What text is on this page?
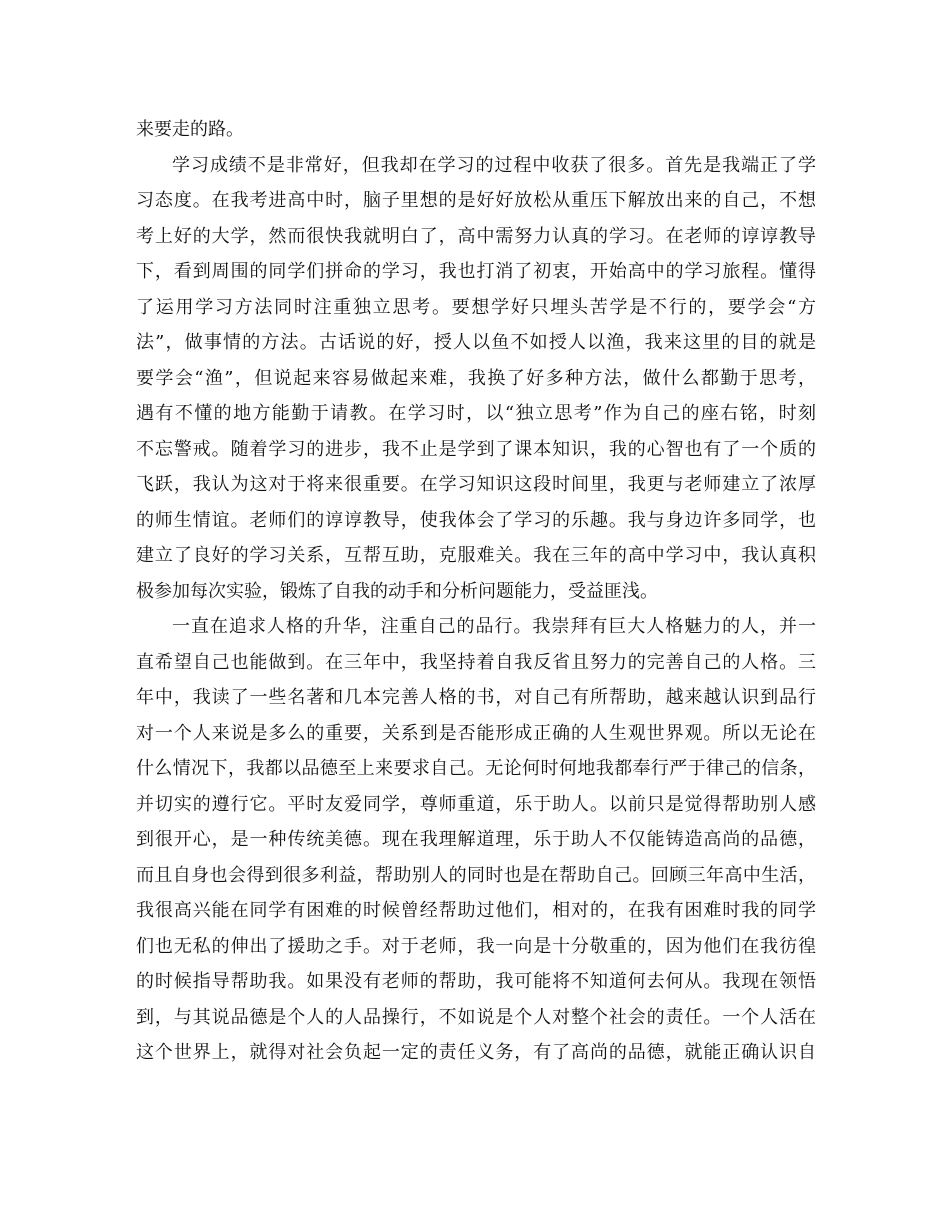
来要走的路。
学习成绩不是非常好，但我却在学习的过程中收获了很多。首先是我端正了学
习态度。在我考进高中时，脑子里想的是好好放松从重压下解放出来的自己，不想
考上好的大学，然而很快我就明白了，高中需努力认真的学习。在老师的谆谆教导
下，看到周围的同学们拼命的学习，我也打消了初衷，开始高中的学习旅程。懂得
了运用学习方法同时注重独立思考。要想学好只埋头苦学是不行的，要学会“方
法”，做事情的方法。古话说的好，授人以鱼不如授人以渔，我来这里的目的就是
要学会“渔”，但说起来容易做起来难，我换了好多种方法，做什么都勤于思考，
遇有不懂的地方能勤于请教。在学习时，以“独立思考”作为自己的座右铭，时刻
不忘警戒。随着学习的进步，我不止是学到了课本知识，我的心智也有了一个质的
飞跃，我认为这对于将来很重要。在学习知识这段时间里，我更与老师建立了浓厚
的师生情谊。老师们的谆谆教导，使我体会了学习的乐趣。我与身边许多同学，也
建立了良好的学习关系，互帮互助，克服难关。我在三年的高中学习中，我认真积
极参加每次实验，锻炼了自我的动手和分析问题能力，受益匪浅。
一直在追求人格的升华，注重自己的品行。我崇拜有巨大人格魅力的人，并一
直希望自己也能做到。在三年中，我坚持着自我反省且努力的完善自己的人格。三
年中，我读了一些名著和几本完善人格的书，对自己有所帮助，越来越认识到品行
对一个人来说是多么的重要，关系到是否能形成正确的人生观世界观。所以无论在
什么情况下，我都以品德至上来要求自己。无论何时何地我都奉行严于律己的信条，
并切实的遵行它。平时友爱同学，尊师重道，乐于助人。以前只是觉得帮助别人感
到很开心，是一种传统美德。现在我理解道理，乐于助人不仅能铸造高尚的品德，
而且自身也会得到很多利益，帮助别人的同时也是在帮助自己。回顾三年高中生活，
我很高兴能在同学有困难的时候曾经帮助过他们，相对的，在我有困难时我的同学
们也无私的伸出了援助之手。对于老师，我一向是十分敬重的，因为他们在我彷徨
的时候指导帮助我。如果没有老师的帮助，我可能将不知道何去何从。我现在领悟
到，与其说品德是个人的人品操行，不如说是个人对整个社会的责任。一个人活在
这个世界上，就得对社会负起一定的责任义务，有了高尚的品德，就能正确认识自
